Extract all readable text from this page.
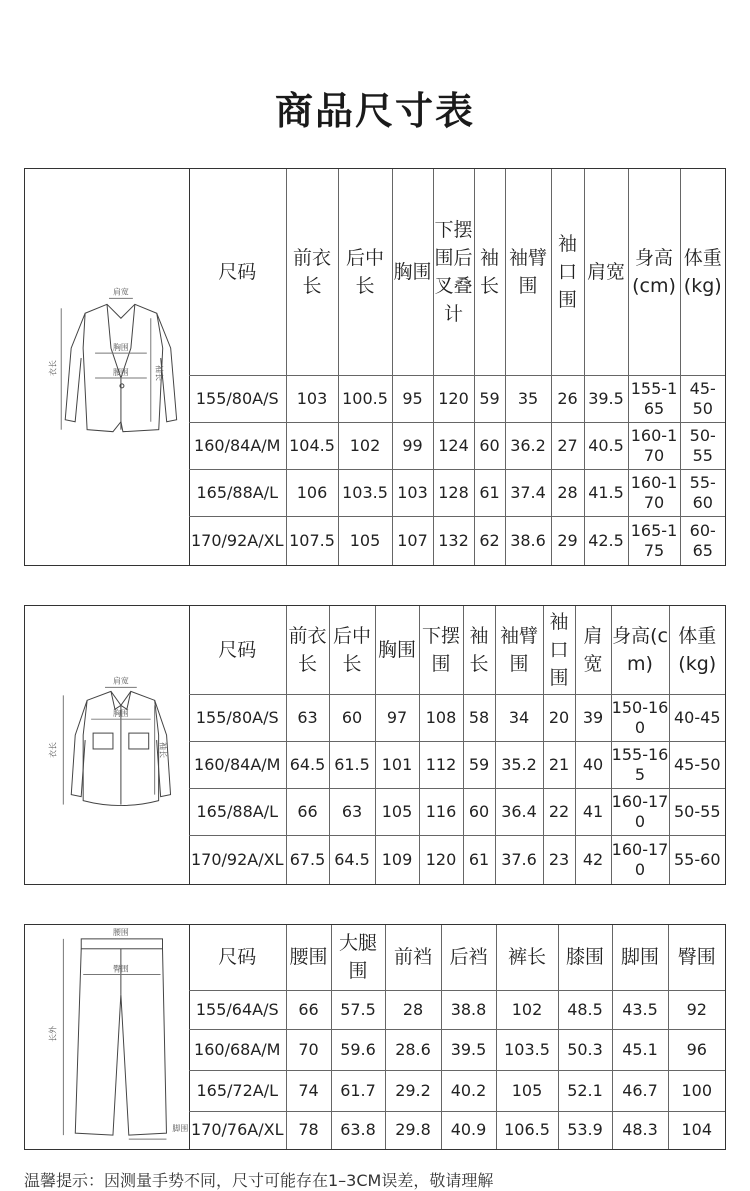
商品尺寸表
肩宽
胸围
腰围
衣长	袖长
尺码	前衣长	后中长	胸围	下摆围后叉叠计	袖长	袖臂围	袖口围	肩宽	身高(cm)	体重(kg)
155/80A/S	103	100.5	95	120	59	35	26	39.5	155-165	45-50
160/84A/M	104.5	102	99	124	60	36.2	27	40.5	160-170	50-55
165/88A/L	106	103.5	103	128	61	37.4	28	41.5	160-170	55-60
170/92A/XL	107.5	105	107	132	62	38.6	29	42.5	165-175	60-65
肩宽
胸围
衣长	袖长
尺码	前衣长	后中长	胸围	下摆围	袖长	袖臂围	袖口围	肩宽	身高(cm)	体重(kg)
155/80A/S	63	60	97	108	58	34	20	39	150-160	40-45
160/84A/M	64.5	61.5	101	112	59	35.2	21	40	155-165	45-50
165/88A/L	66	63	105	116	60	36.4	22	41	160-170	50-55
170/92A/XL	67.5	64.5	109	120	61	37.6	23	42	160-170	55-60
腰围
臀围
长外
脚围
尺码	腰围	大腿围	前裆	后裆	裤长	膝围	脚围	臀围
155/64A/S	66	57.5	28	38.8	102	48.5	43.5	92
160/68A/M	70	59.6	28.6	39.5	103.5	50.3	45.1	96
165/72A/L	74	61.7	29.2	40.2	105	52.1	46.7	100
170/76A/XL	78	63.8	29.8	40.9	106.5	53.9	48.3	104
温馨提示：因测量手势不同，尺寸可能存在1–3CM误差，敬请理解
